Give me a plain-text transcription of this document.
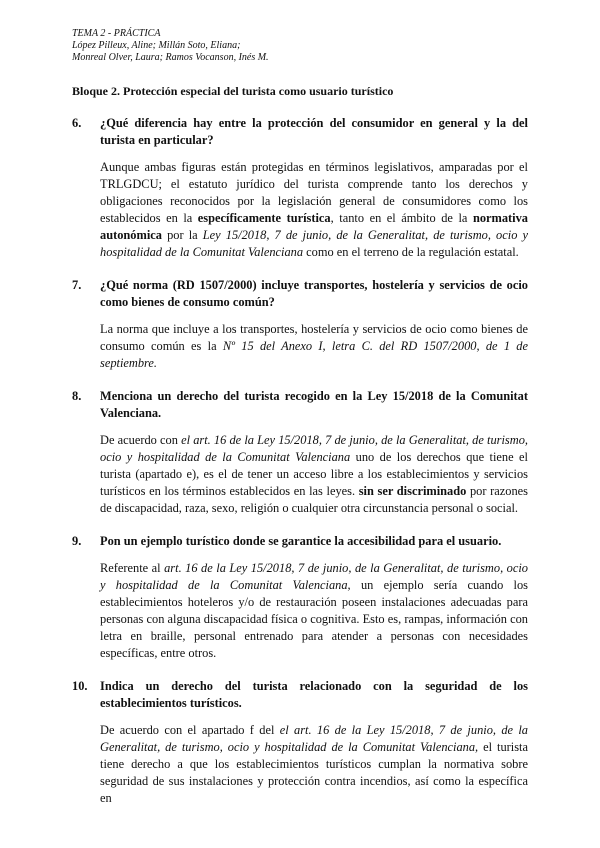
TEMA 2 - PRÁCTICA
López Pilleux, Aline; Millán Soto, Eliana;
Monreal Olver, Laura; Ramos Vocanson, Inés M.
Bloque 2. Protección especial del turista como usuario turístico
6.	¿Qué diferencia hay entre la protección del consumidor en general y la del turista en particular?
Aunque ambas figuras están protegidas en términos legislativos, amparadas por el TRLGDCU; el estatuto jurídico del turista comprende tanto los derechos y obligaciones reconocidos por la legislación general de consumidores como los establecidos en la específicamente turística, tanto en el ámbito de la normativa autonómica por la Ley 15/2018, 7 de junio, de la Generalitat, de turismo, ocio y hospitalidad de la Comunitat Valenciana como en el terreno de la regulación estatal.
7.	¿Qué norma (RD 1507/2000) incluye transportes, hostelería y servicios de ocio como bienes de consumo común?
La norma que incluye a los transportes, hostelería y servicios de ocio como bienes de consumo común es la Nº 15 del Anexo I, letra C. del RD 1507/2000, de 1 de septiembre.
8.	Menciona un derecho del turista recogido en la Ley 15/2018 de la Comunitat Valenciana.
De acuerdo con el art. 16 de la Ley 15/2018, 7 de junio, de la Generalitat, de turismo, ocio y hospitalidad de la Comunitat Valenciana uno de los derechos que tiene el turista (apartado e), es el de tener un acceso libre a los establecimientos y servicios turísticos en los términos establecidos en las leyes. sin ser discriminado por razones de discapacidad, raza, sexo, religión o cualquier otra circunstancia personal o social.
9.	Pon un ejemplo turístico donde se garantice la accesibilidad para el usuario.
Referente al art. 16 de la Ley 15/2018, 7 de junio, de la Generalitat, de turismo, ocio y hospitalidad de la Comunitat Valenciana, un ejemplo sería cuando los establecimientos hoteleros y/o de restauración poseen instalaciones adecuadas para personas con alguna discapacidad física o cognitiva. Esto es, rampas, información con letra en braille, personal entrenado para atender a personas con necesidades específicas, entre otros.
10.	Indica un derecho del turista relacionado con la seguridad de los establecimientos turísticos.
De acuerdo con el apartado f del el art. 16 de la Ley 15/2018, 7 de junio, de la Generalitat, de turismo, ocio y hospitalidad de la Comunitat Valenciana, el turista tiene derecho a que los establecimientos turísticos cumplan la normativa sobre seguridad de sus instalaciones y protección contra incendios, así como la específica en
